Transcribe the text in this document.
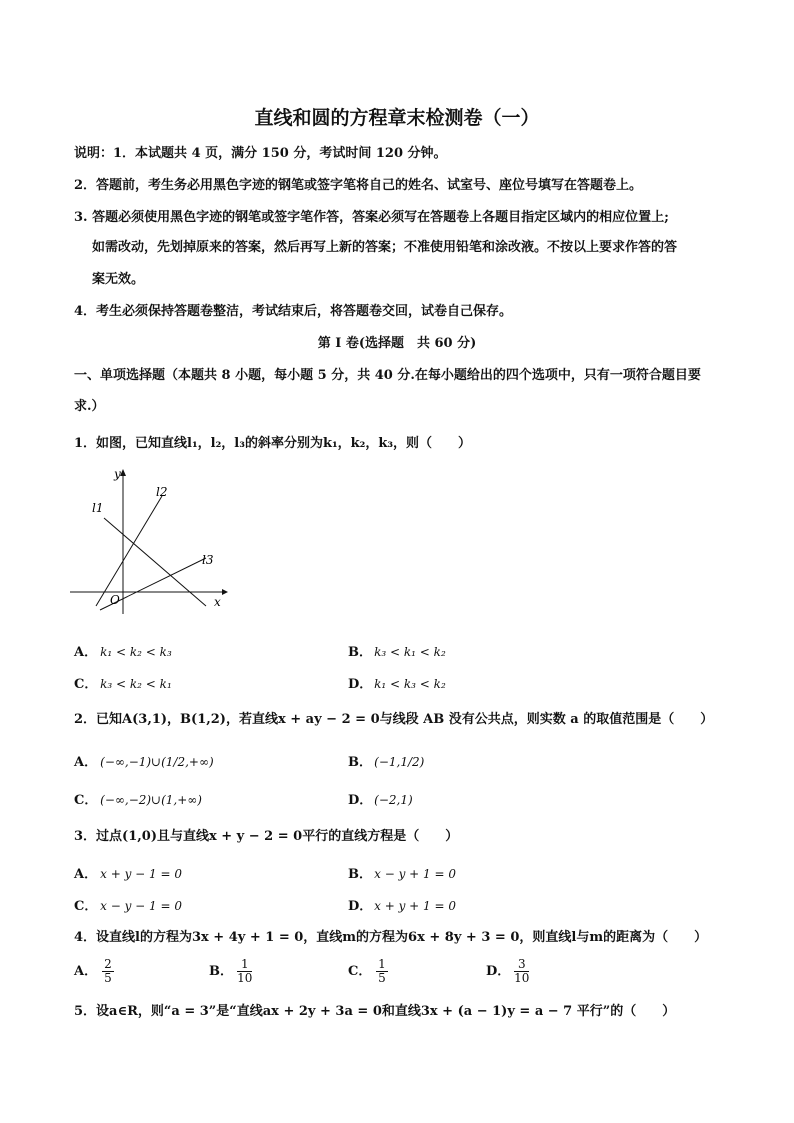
直线和圆的方程章末检测卷（一）
说明：1．本试题共 4 页，满分 150 分，考试时间 120 分钟。
2．答题前，考生务必用黑色字迹的钢笔或签字笔将自己的姓名、试室号、座位号填写在答题卷上。
3. 答题必须使用黑色字迹的钢笔或签字笔作答，答案必须写在答题卷上各题目指定区域内的相应位置上;
如需改动，先划掉原来的答案，然后再写上新的答案；不准使用铅笔和涂改液。不按以上要求作答的答
案无效。
4．考生必须保持答题卷整洁，考试结束后，将答题卷交回，试卷自己保存。
第 I 卷(选择题　共 60 分)
一、单项选择题（本题共 8 小题，每小题 5 分，共 40 分.在每小题给出的四个选项中，只有一项符合题目要
求.）
1．如图，已知直线l₁，l₂，l₃的斜率分别为k₁，k₂，k₃，则（　　）
y
x
O
l1
l2
l3
A． k₁ < k₂ < k₃	B． k₃ < k₁ < k₂
C． k₃ < k₂ < k₁	D． k₁ < k₃ < k₂
2．已知A(3,1)，B(1,2)，若直线x + ay − 2 = 0与线段 AB 没有公共点，则实数 a 的取值范围是（　　）
A． (−∞,−1)∪(1/2,+∞)	B． (−1,1/2)
C． (−∞,−2)∪(1,+∞)	D． (−2,1)
3．过点(1,0)且与直线x + y − 2 = 0平行的直线方程是（　　）
A． x + y − 1 = 0	B． x − y + 1 = 0
C． x − y − 1 = 0	D． x + y + 1 = 0
4．设直线l的方程为3x + 4y + 1 = 0，直线m的方程为6x + 8y + 3 = 0，则直线l与m的距离为（　　）
A． $\frac{2}{5}$	B． $\frac{1}{10}$	C． $\frac{1}{5}$	D． $\frac{3}{10}$
5．设a∈R，则“a = 3”是“直线ax + 2y + 3a = 0和直线3x + (a − 1)y = a − 7 平行”的（　　）
